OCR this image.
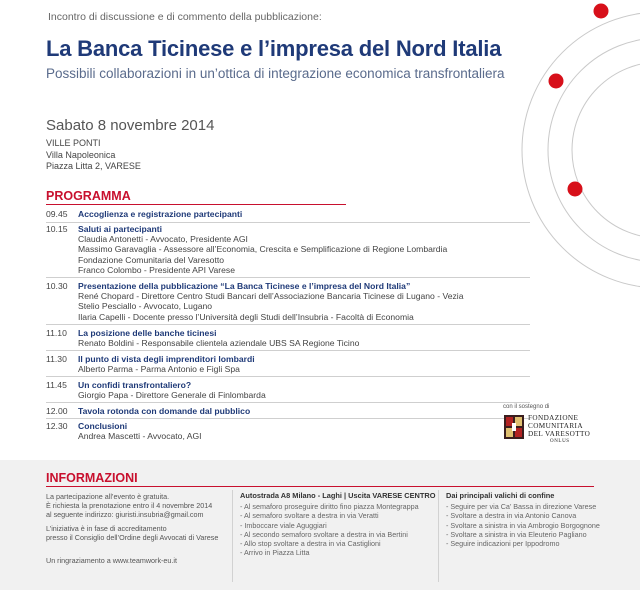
Incontro di discussione e di commento della pubblicazione:
La Banca Ticinese e l’impresa del Nord Italia
Possibili collaborazioni in un’ottica di integrazione economica transfrontaliera
Sabato 8 novembre 2014
VILLE PONTI
Villa Napoleonica
Piazza Litta 2, VARESE
PROGRAMMA
09.45	Accoglienza e registrazione partecipanti
10.15	Saluti ai partecipanti
Claudia Antonetti - Avvocato, Presidente AGI
Massimo Garavaglia - Assessore all’Economia, Crescita e Semplificazione di Regione Lombardia
Fondazione Comunitaria del Varesotto
Franco Colombo - Presidente API Varese
10.30	Presentazione della pubblicazione “La Banca Ticinese e l’impresa del Nord Italia”
René Chopard - Direttore Centro Studi Bancari dell’Associazione Bancaria Ticinese di Lugano - Vezia
Stelio Pesciallo - Avvocato, Lugano
Ilaria Capelli - Docente presso l’Università degli Studi dell’Insubria - Facoltà di Economia
11.10	La posizione delle banche ticinesi
Renato Boldini - Responsabile clientela aziendale UBS SA Regione Ticino
11.30	Il punto di vista degli imprenditori lombardi
Alberto Parma - Parma Antonio e Figli Spa
11.45	Un confidi transfrontaliero?
Giorgio Papa - Direttore Generale di Finlombarda
12.00	Tavola rotonda con domande dal pubblico
12.30	Conclusioni
Andrea Mascetti - Avvocato, AGI
con il sostegno di
FONDAZIONE
COMUNITARIA
DEL VARESOTTO
ONLUS
INFORMAZIONI
La partecipazione all’evento è gratuita.
È richiesta la prenotazione entro il 4 novembre 2014
al seguente indirizzo: giuristi.insubria@gmail.com
L’iniziativa è in fase di accreditamento
presso il Consiglio dell’Ordine degli Avvocati di Varese
Un ringraziamento a www.teamwork-eu.it
Autostrada A8 Milano - Laghi | Uscita VARESE CENTRO
- Al semaforo proseguire diritto fino piazza Montegrappa
- Al semaforo svoltare a destra in via Veratti
- Imboccare viale Aguggiari
- Al secondo semaforo svoltare a destra in via Bertini
- Allo stop svoltare a destra in via Castiglioni
- Arrivo in Piazza Litta
Dai principali valichi di confine
- Seguire per via Ca’ Bassa in direzione Varese
- Svoltare a destra in via Antonio Canova
- Svoltare a sinistra in via Ambrogio Borgognone
- Svoltare a sinistra in via Eleuterio Pagliano
- Seguire indicazioni per Ippodromo
